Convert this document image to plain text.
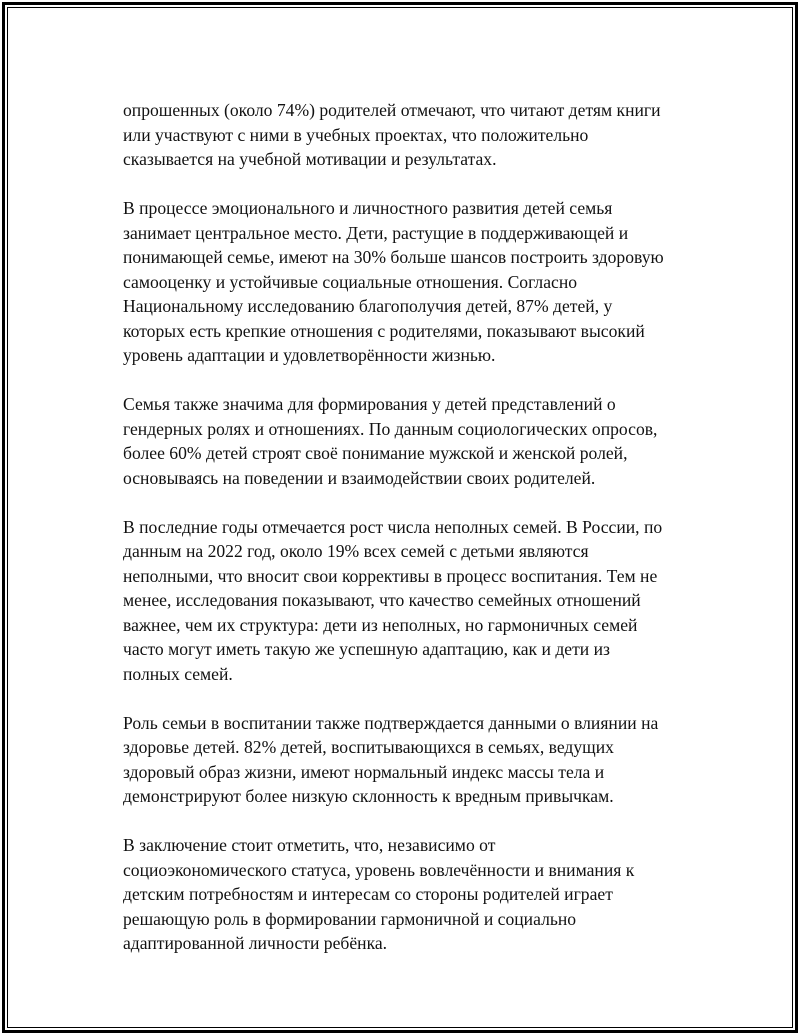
опрошенных (около 74%) родителей отмечают, что читают детям книги
или участвуют с ними в учебных проектах, что положительно
сказывается на учебной мотивации и результатах.

В процессе эмоционального и личностного развития детей семья
занимает центральное место. Дети, растущие в поддерживающей и
понимающей семье, имеют на 30% больше шансов построить здоровую
самооценку и устойчивые социальные отношения. Согласно
Национальному исследованию благополучия детей, 87% детей, у
которых есть крепкие отношения с родителями, показывают высокий
уровень адаптации и удовлетворённости жизнью.

Семья также значима для формирования у детей представлений о
гендерных ролях и отношениях. По данным социологических опросов,
более 60% детей строят своё понимание мужской и женской ролей,
основываясь на поведении и взаимодействии своих родителей.

В последние годы отмечается рост числа неполных семей. В России, по
данным на 2022 год, около 19% всех семей с детьми являются
неполными, что вносит свои коррективы в процесс воспитания. Тем не
менее, исследования показывают, что качество семейных отношений
важнее, чем их структура: дети из неполных, но гармоничных семей
часто могут иметь такую же успешную адаптацию, как и дети из
полных семей.

Роль семьи в воспитании также подтверждается данными о влиянии на
здоровье детей. 82% детей, воспитывающихся в семьях, ведущих
здоровый образ жизни, имеют нормальный индекс массы тела и
демонстрируют более низкую склонность к вредным привычкам.

В заключение стоит отметить, что, независимо от
социоэкономического статуса, уровень вовлечённости и внимания к
детским потребностям и интересам со стороны родителей играет
решающую роль в формировании гармоничной и социально
адаптированной личности ребёнка.
